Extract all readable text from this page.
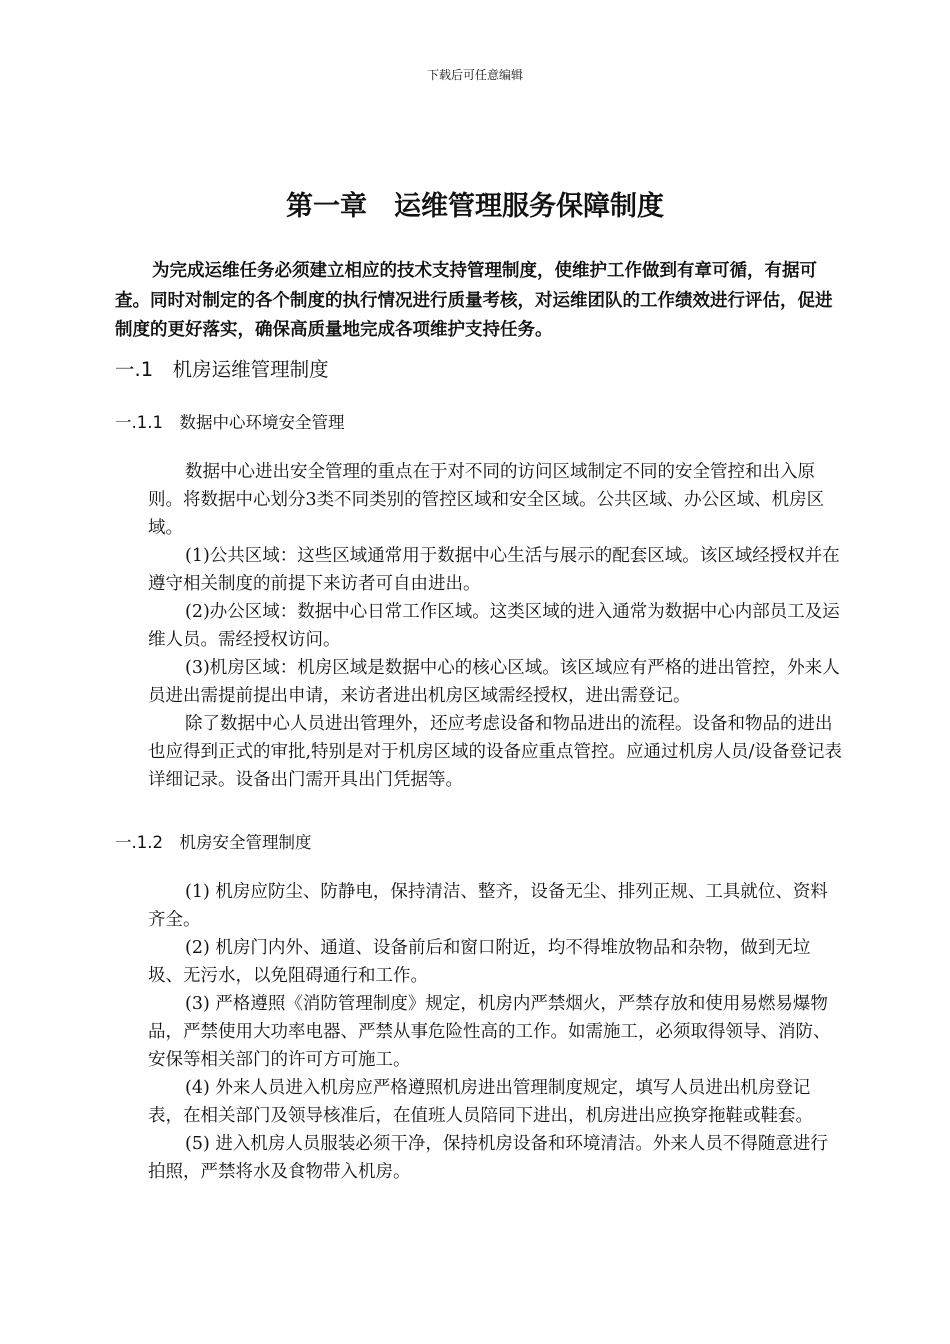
下载后可任意编辑
第一章　运维管理服务保障制度
为完成运维任务必须建立相应的技术支持管理制度，使维护工作做到有章可循，有据可查。同时对制定的各个制度的执行情况进行质量考核，对运维团队的工作绩效进行评估，促进制度的更好落实，确保高质量地完成各项维护支持任务。
一.1　机房运维管理制度
一.1.1　数据中心环境安全管理

数据中心进出安全管理的重点在于对不同的访问区域制定不同的安全管控和出入原则。将数据中心划分3类不同类别的管控区域和安全区域。公共区域、办公区域、机房区域。

(1)公共区域：这些区域通常用于数据中心生活与展示的配套区域。该区域经授权并在遵守相关制度的前提下来访者可自由进出。

(2)办公区域：数据中心日常工作区域。这类区域的进入通常为数据中心内部员工及运维人员。需经授权访问。

(3)机房区域：机房区域是数据中心的核心区域。该区域应有严格的进出管控，外来人员进出需提前提出申请，来访者进出机房区域需经授权，进出需登记。

除了数据中心人员进出管理外，还应考虑设备和物品进出的流程。设备和物品的进出也应得到正式的审批,特别是对于机房区域的设备应重点管控。应通过机房人员/设备登记表详细记录。设备出门需开具出门凭据等。

一.1.2　机房安全管理制度

(1) 机房应防尘、防静电，保持清洁、整齐，设备无尘、排列正规、工具就位、资料齐全。

(2) 机房门内外、通道、设备前后和窗口附近，均不得堆放物品和杂物，做到无垃圾、无污水，以免阻碍通行和工作。

(3) 严格遵照《消防管理制度》规定，机房内严禁烟火，严禁存放和使用易燃易爆物品，严禁使用大功率电器、严禁从事危险性高的工作。如需施工，必须取得领导、消防、安保等相关部门的许可方可施工。

(4) 外来人员进入机房应严格遵照机房进出管理制度规定，填写人员进出机房登记表，在相关部门及领导核准后，在值班人员陪同下进出，机房进出应换穿拖鞋或鞋套。

(5) 进入机房人员服装必须干净，保持机房设备和环境清洁。外来人员不得随意进行拍照，严禁将水及食物带入机房。
